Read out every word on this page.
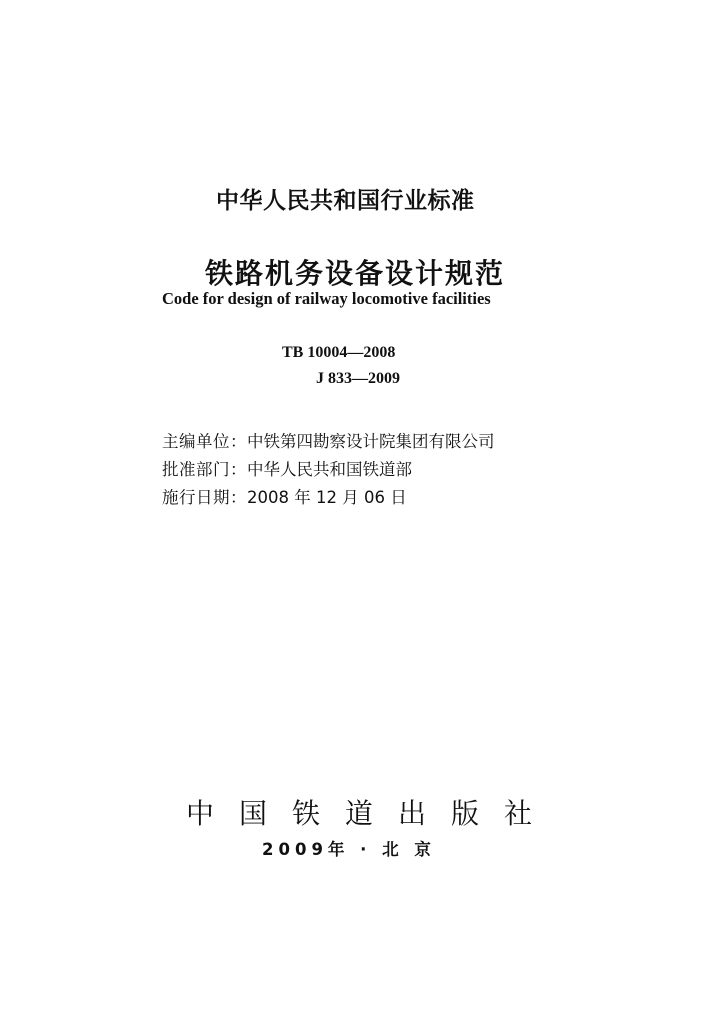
中华人民共和国行业标准
铁路机务设备设计规范
Code for design of railway locomotive facilities
TB 10004—2008
J 833—2009
主编单位：中铁第四勘察设计院集团有限公司
批准部门：中华人民共和国铁道部
施行日期：2008 年 12 月 06 日
中国铁道出版社
2009年 · 北 京
